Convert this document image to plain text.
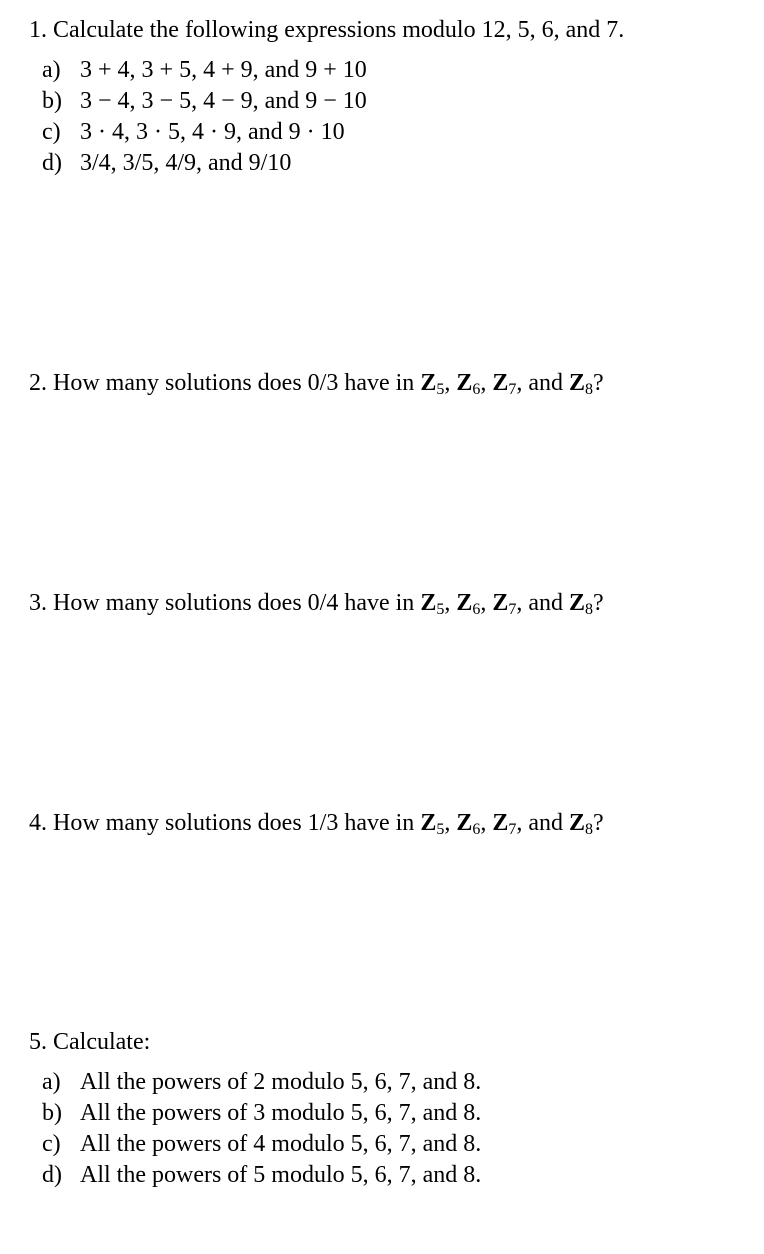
1. Calculate the following expressions modulo 12, 5, 6, and 7.
a) 3 + 4, 3 + 5, 4 + 9, and 9 + 10
b) 3 − 4, 3 − 5, 4 − 9, and 9 − 10
c) 3 · 4, 3 · 5, 4 · 9, and 9 · 10
d) 3/4, 3/5, 4/9, and 9/10
2. How many solutions does 0/3 have in $Z_5$, $Z_6$, $Z_7$, and $Z_8$?
3. How many solutions does 0/4 have in $Z_5$, $Z_6$, $Z_7$, and $Z_8$?
4. How many solutions does 1/3 have in $Z_5$, $Z_6$, $Z_7$, and $Z_8$?
5. Calculate:
a) All the powers of 2 modulo 5, 6, 7, and 8.
b) All the powers of 3 modulo 5, 6, 7, and 8.
c) All the powers of 4 modulo 5, 6, 7, and 8.
d) All the powers of 5 modulo 5, 6, 7, and 8.
